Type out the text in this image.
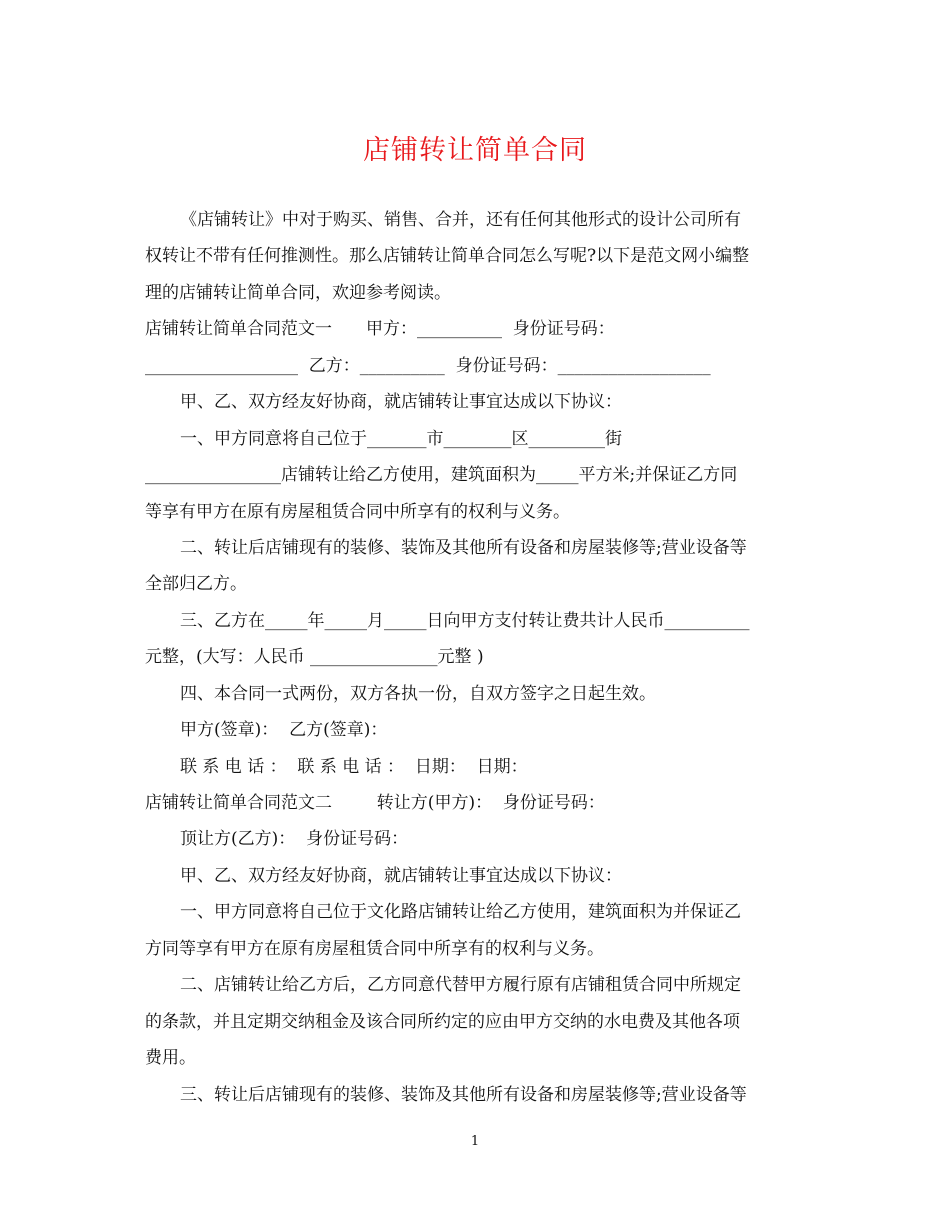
店铺转让简单合同
《店铺转让》中对于购买、销售、合并，还有任何其他形式的设计公司所有
权转让不带有任何推测性。那么店铺转让简单合同怎么写呢?以下是范文网小编整
理的店铺转让简单合同，欢迎参考阅读。
店铺转让简单合同范文一　　甲方：__________  身份证号码：
__________________  乙方：__________  身份证号码：__________________
甲、乙、双方经友好协商，就店铺转让事宜达成以下协议：
一、甲方同意将自己位于_______市________区_________街
________________店铺转让给乙方使用，建筑面积为_____平方米;并保证乙方同
等享有甲方在原有房屋租赁合同中所享有的权利与义务。
二、转让后店铺现有的装修、装饰及其他所有设备和房屋装修等;营业设备等
全部归乙方。
三、乙方在_____年_____月_____日向甲方支付转让费共计人民币__________
元整，(大写：人民币 _______________元整 )
四、本合同一式两份，双方各执一份，自双方签字之日起生效。
甲方(签章)：  乙方(签章)：
联 系 电 话 ：  联 系 电 话 ：  日期：  日期：
店铺转让简单合同范文二　　  转让方(甲方)：  身份证号码：
顶让方(乙方)：  身份证号码：
甲、乙、双方经友好协商，就店铺转让事宜达成以下协议：
一、甲方同意将自己位于文化路店铺转让给乙方使用，建筑面积为并保证乙
方同等享有甲方在原有房屋租赁合同中所享有的权利与义务。
二、店铺转让给乙方后，乙方同意代替甲方履行原有店铺租赁合同中所规定
的条款，并且定期交纳租金及该合同所约定的应由甲方交纳的水电费及其他各项
费用。
三、转让后店铺现有的装修、装饰及其他所有设备和房屋装修等;营业设备等
1
